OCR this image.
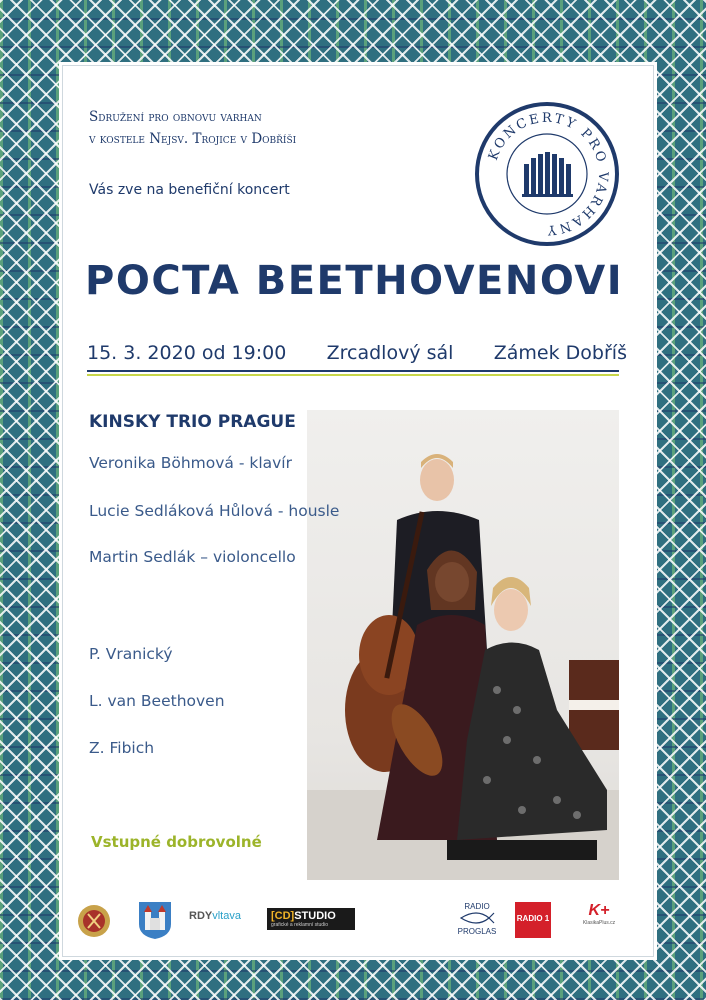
Sdružení pro obnovu varhan
v kostele Nejsv. Trojice v Dobříši
Vás zve na benefiční koncert
KONCERTY PRO VARHANY
POCTA BEETHOVENOVI
15. 3. 2020 od 19:00 Zrcadlový sál Zámek Dobříš
KINSKY TRIO PRAGUE
Veronika Böhmová - klavír
Lucie Sedláková Hůlová - housle
Martin Sedlák – violoncello
P. Vranický
L. van Beethoven
Z. Fibich
Vstupné dobrovolné
RDYvltava	[CD]STUDIO
grafické a reklamní studio
RADIO
PROGLAS
RADIO 1	K+
KlasikaPlus.cz
